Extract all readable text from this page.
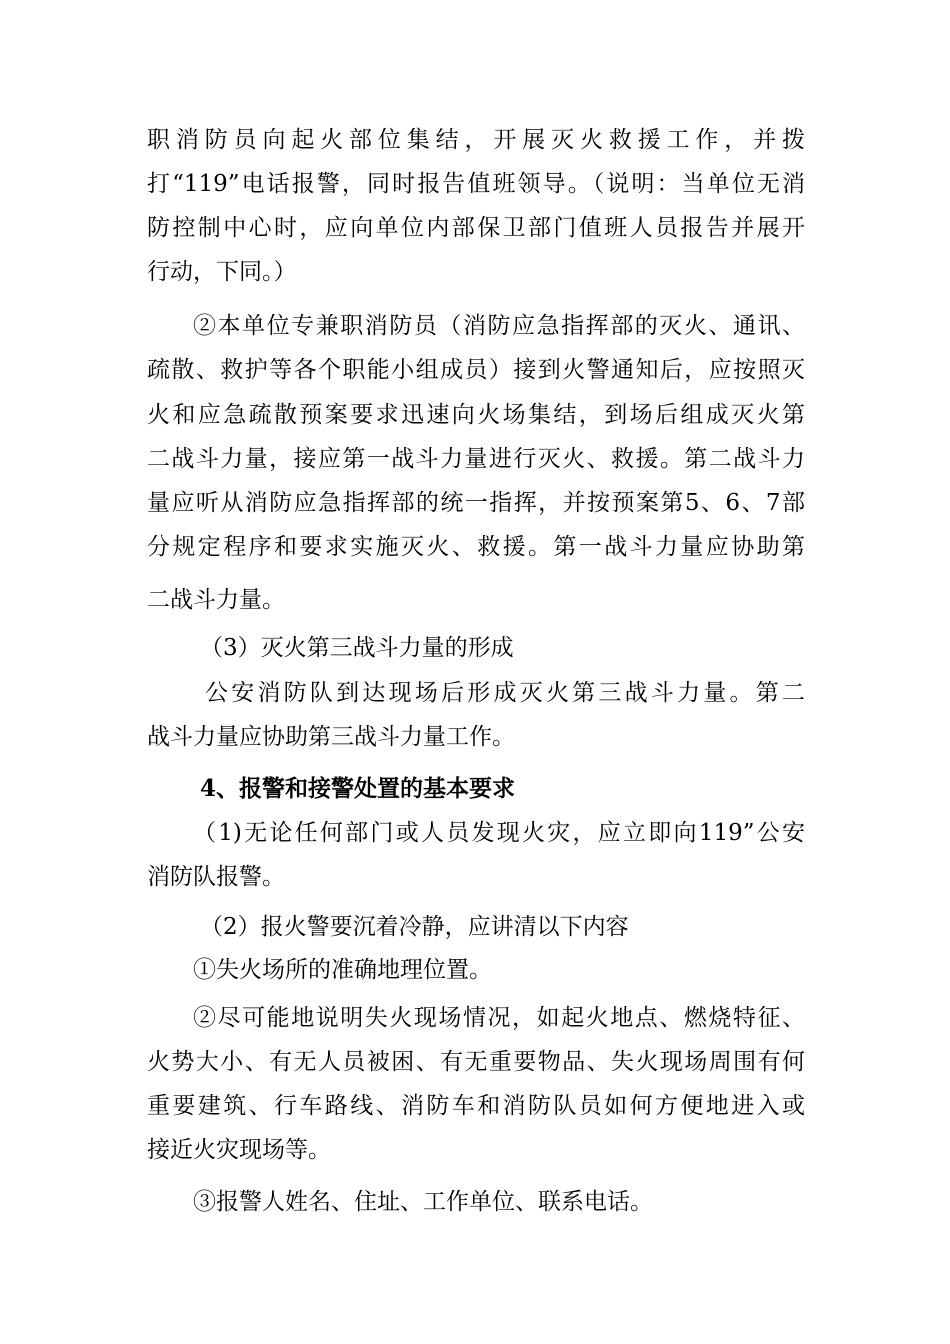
职消防员向起火部位集结，开展灭火救援工作，并拨
打“119”电话报警，同时报告值班领导。（说明：当单位无消
防控制中心时，应向单位内部保卫部门值班人员报告并展开
行动，下同。）
②本单位专兼职消防员（消防应急指挥部的灭火、通讯、
疏散、救护等各个职能小组成员）接到火警通知后，应按照灭
火和应急疏散预案要求迅速向火场集结，到场后组成灭火第
二战斗力量，接应第一战斗力量进行灭火、救援。第二战斗力
量应听从消防应急指挥部的统一指挥，并按预案第5、6、7部
分规定程序和要求实施灭火、救援。第一战斗力量应协助第
二战斗力量。
（3）灭火第三战斗力量的形成
公安消防队到达现场后形成灭火第三战斗力量。第二
战斗力量应协助第三战斗力量工作。
4、报警和接警处置的基本要求
（1)无论任何部门或人员发现火灾，应立即向119”公安
消防队报警。
（2）报火警要沉着冷静，应讲清以下内容
①失火场所的准确地理位置。
②尽可能地说明失火现场情况，如起火地点、燃烧特征、
火势大小、有无人员被困、有无重要物品、失火现场周围有何
重要建筑、行车路线、消防车和消防队员如何方便地进入或
接近火灾现场等。
③报警人姓名、住址、工作单位、联系电话。
